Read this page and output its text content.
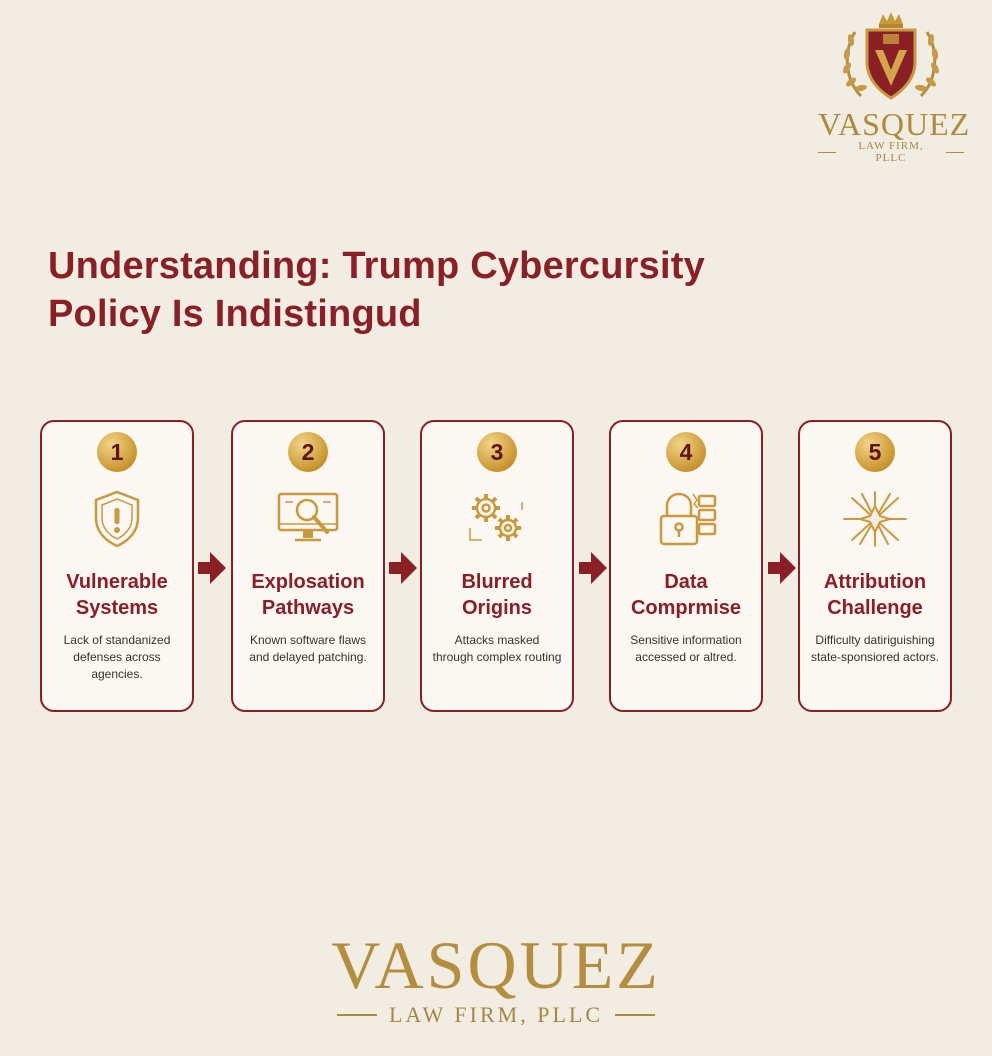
VASQUEZ
LAW FIRM, PLLC
Understanding: Trump Cybercursity
Policy Is Indistingud
1
Vulnerable
Systems
Lack of standanized
defenses across agencies.
2
Explosation
Pathways
Known software flaws
and delayed patching.
3
Blurred
Origins
Attacks masked
through complex routing
4
Data
Comprmise
Sensitive information
accessed or altred.
5
Attribution
Challenge
Difficulty datiriguishing
state-sponsiored actors.
VASQUEZ
LAW FIRM, PLLC
